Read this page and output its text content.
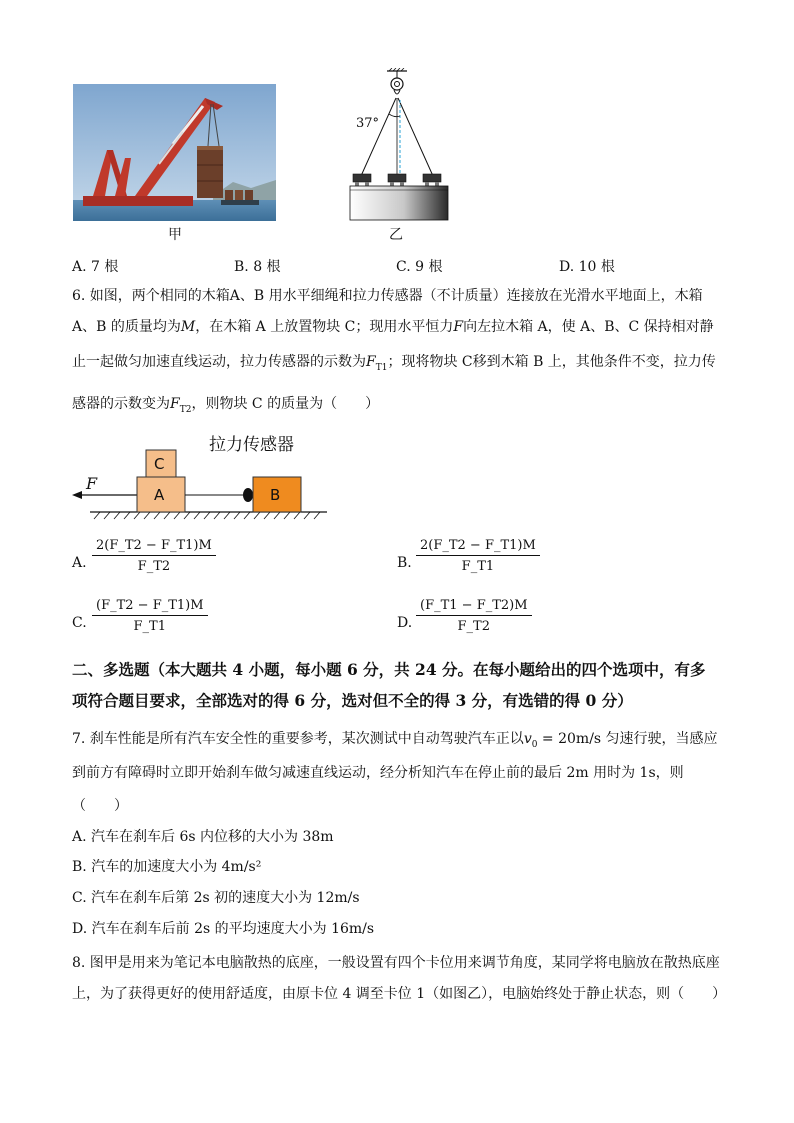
甲
37°
乙
A. 7 根	B. 8 根	C. 9 根	D. 10 根
6. 如图，两个相同的木箱A、B 用水平细绳和拉力传感器（不计质量）连接放在光滑水平地面上，木箱
A、B 的质量均为M，在木箱 A 上放置物块 C；现用水平恒力F向左拉木箱 A，使 A、B、C 保持相对静
止一起做匀加速直线运动，拉力传感器的示数为$F_{T1}$；现将物块 C移到木箱 B 上，其他条件不变，拉力传
感器的示数变为$F_{T2}$，则物块 C 的质量为（　　）
拉力传感器
F
C
A	B
A. $\frac{2(F\_T2 - F\_T1)M}{F\_T2}$	B. $\frac{2(F\_T2 - F\_T1)M}{F\_T1}$
C. $\frac{(F\_T2 - F\_T1)M}{F\_T1}$	D. $\frac{(F\_T1 - F\_T2)M}{F\_T2}$
二、多选题（本大题共 4 小题，每小题 6 分，共 24 分。在每小题给出的四个选项中，有多
项符合题目要求，全部选对的得 6 分，选对但不全的得 3 分，有选错的得 0 分）
7. 刹车性能是所有汽车安全性的重要参考，某次测试中自动驾驶汽车正以$v_0 = 20m/s$ 匀速行驶，当感应
到前方有障碍时立即开始刹车做匀减速直线运动，经分析知汽车在停止前的最后 2m 用时为 1s，则
（　　）
A. 汽车在刹车后 6s 内位移的大小为 38m
B. 汽车的加速度大小为 4m/s²
C. 汽车在刹车后第 2s 初的速度大小为 12m/s
D. 汽车在刹车后前 2s 的平均速度大小为 16m/s
8. 图甲是用来为笔记本电脑散热的底座，一般设置有四个卡位用来调节角度，某同学将电脑放在散热底座
上，为了获得更好的使用舒适度，由原卡位 4 调至卡位 1（如图乙），电脑始终处于静止状态，则（　　）
